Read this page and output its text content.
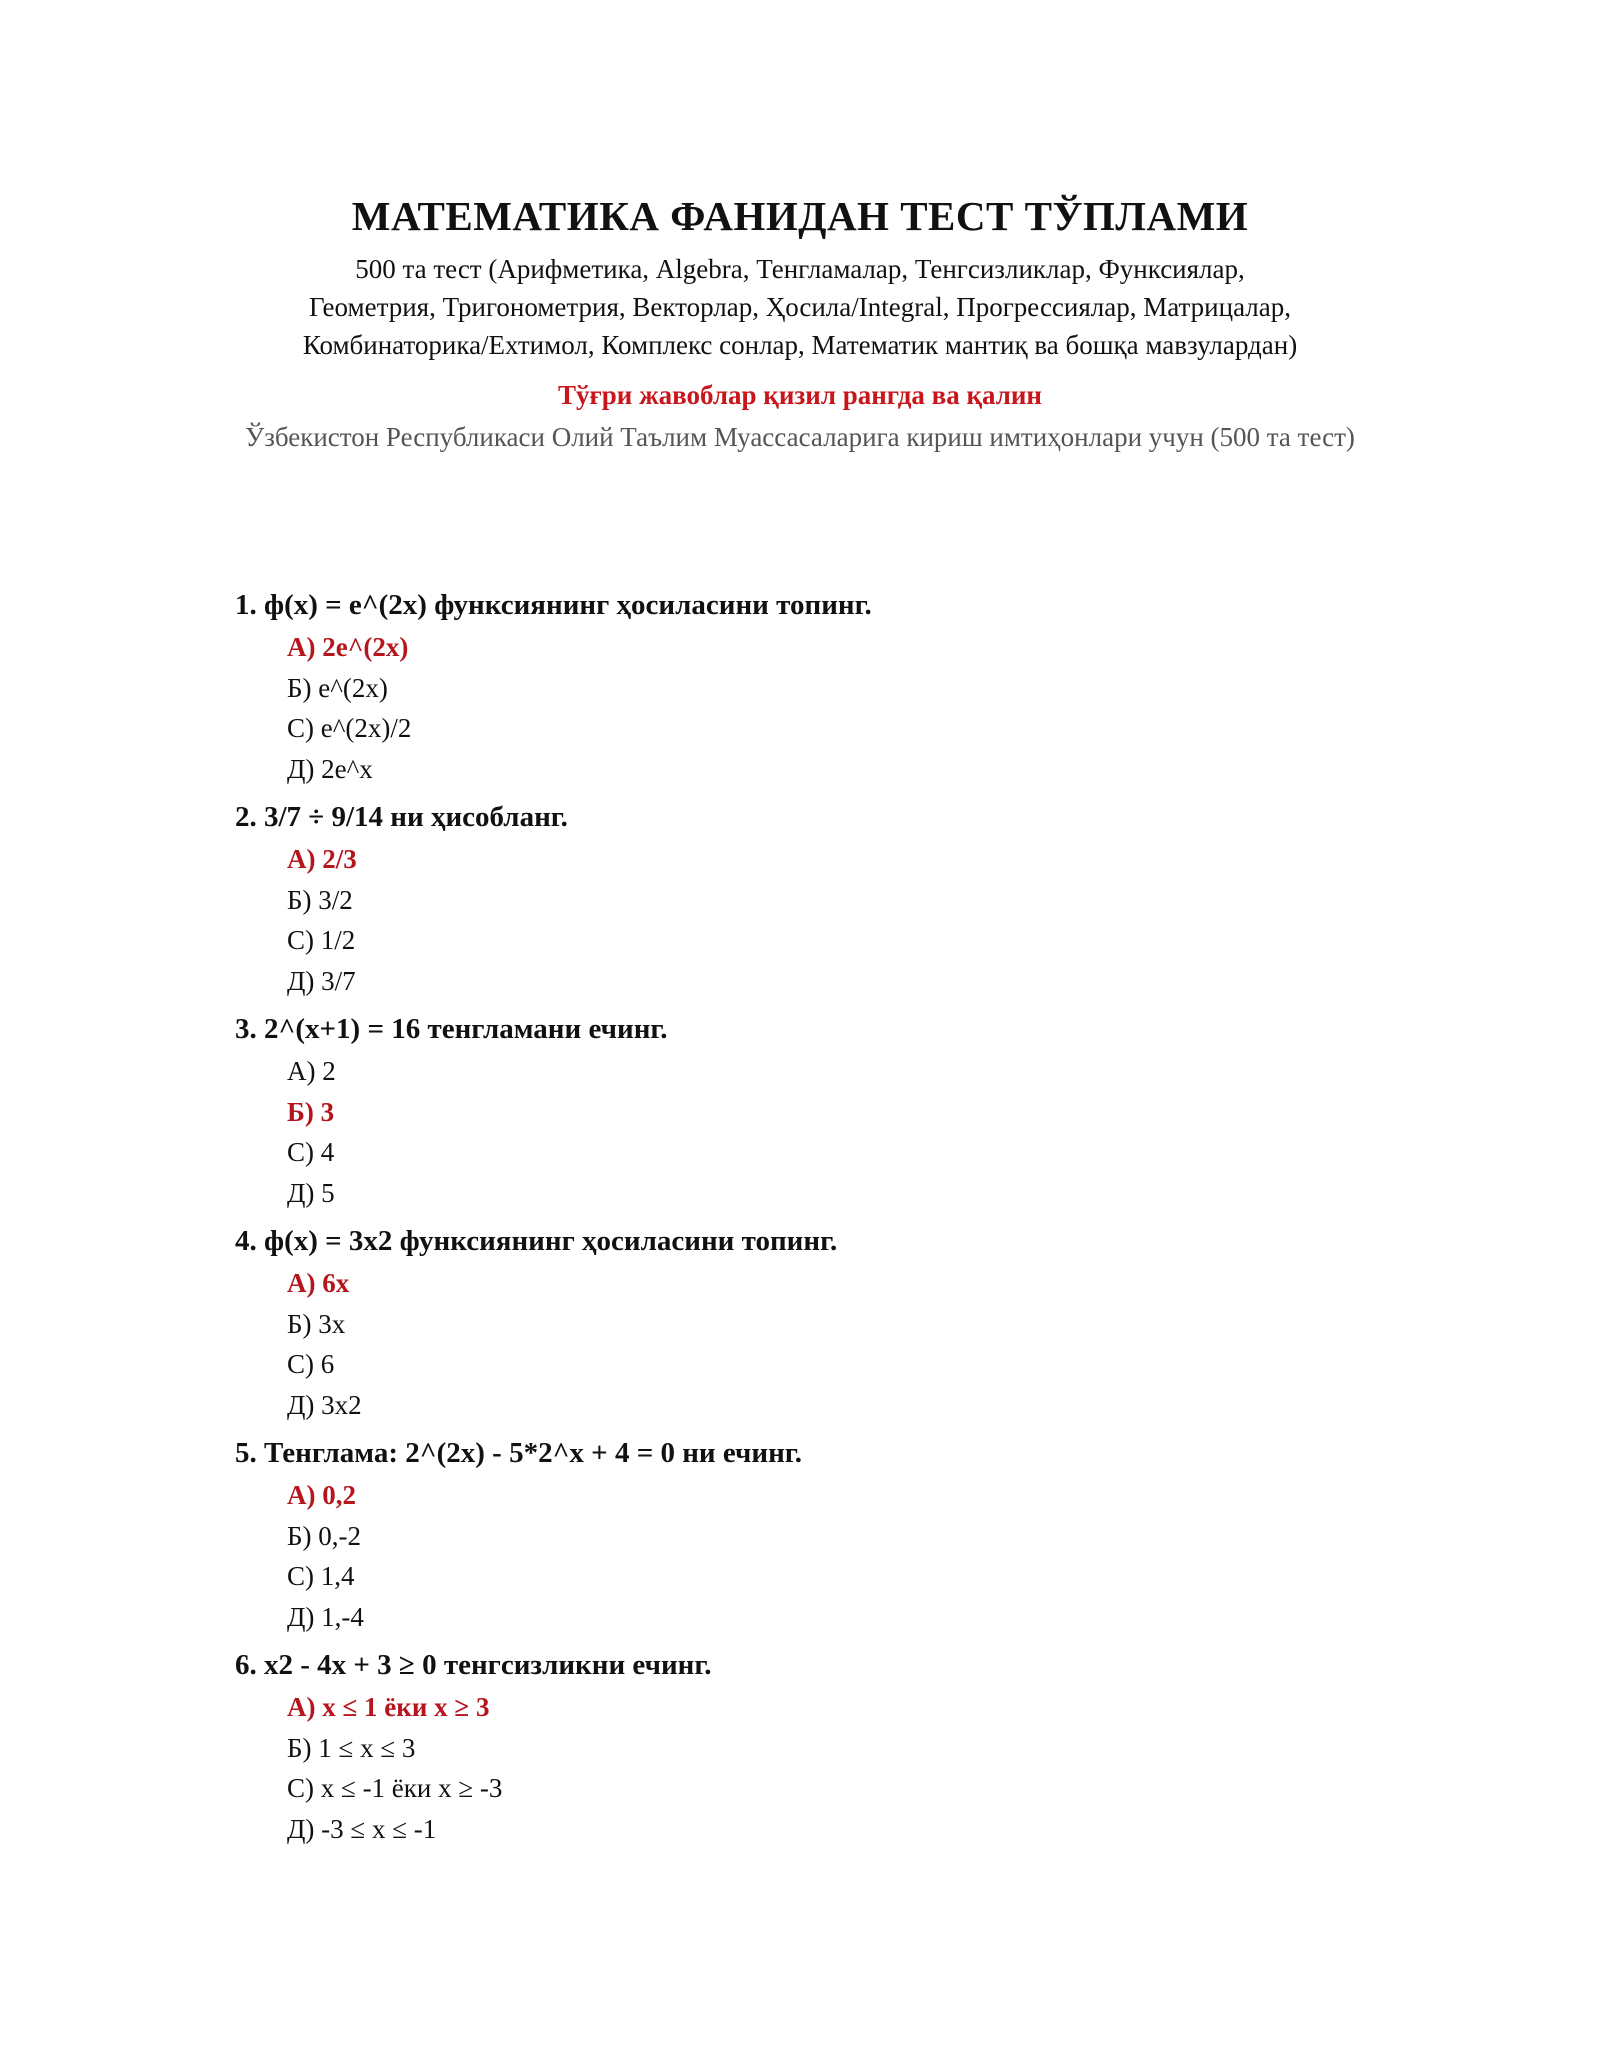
МАТЕМАТИКА ФАНИДАН ТЕСТ ТЎПЛАМИ
500 та тест (Арифметика, Algebra, Тенгламалар, Тенгсизликлар, Функсиялар, Геометрия, Тригонометрия, Векторлар, Ҳосила/Integral, Прогрессиялар, Матрицалар, Комбинаторика/Ехтимол, Комплекс сонлар, Математик мантиқ ва бошқа мавзулардан)
Тўғри жавоблар қизил рангда ва қалин
Ўзбекистон Республикаси Олий Таълим Муассасаларига кириш имтиҳонлари учун (500 та тест)
1. ф(х) = е^(2х) функсиянинг ҳосиласини топинг.
А) 2е^(2х)
Б) е^(2х)
С) е^(2х)/2
Д) 2е^х
2. 3/7 ÷ 9/14 ни ҳисобланг.
А) 2/3
Б) 3/2
С) 1/2
Д) 3/7
3. 2^(х+1) = 16 тенгламани ечинг.
А) 2
Б) 3
С) 4
Д) 5
4. ф(х) = 3х2 функсиянинг ҳосиласини топинг.
А) 6х
Б) 3х
С) 6
Д) 3х2
5. Тенглама: 2^(2х) - 5*2^х + 4 = 0 ни ечинг.
А) 0,2
Б) 0,-2
С) 1,4
Д) 1,-4
6. х2 - 4х + 3 ≥ 0 тенгсизликни ечинг.
А) х ≤ 1 ёки х ≥ 3
Б) 1 ≤ х ≤ 3
С) х ≤ -1 ёки х ≥ -3
Д) -3 ≤ х ≤ -1
